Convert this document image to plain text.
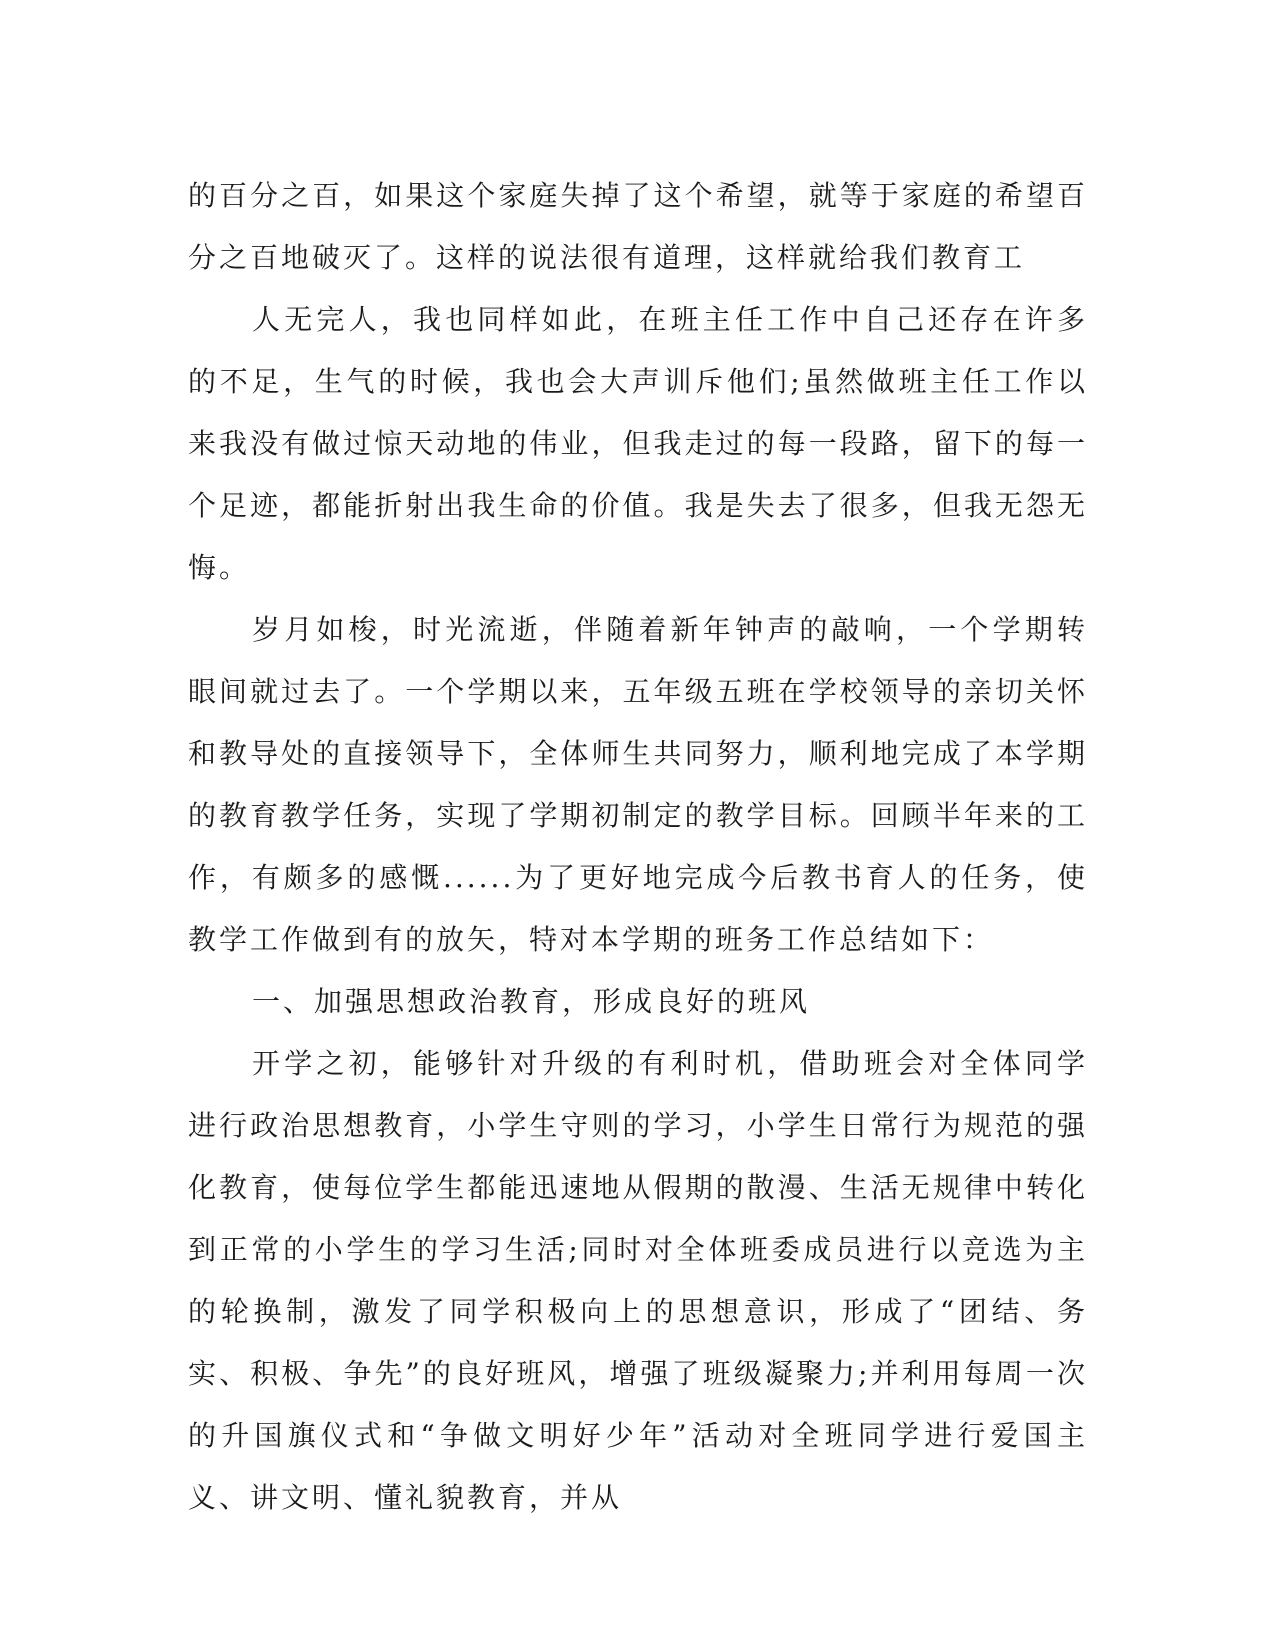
的百分之百，如果这个家庭失掉了这个希望，就等于家庭的希望百分之百地破灭了。这样的说法很有道理，这样就给我们教育工

人无完人，我也同样如此，在班主任工作中自己还存在许多的不足，生气的时候，我也会大声训斥他们;虽然做班主任工作以来我没有做过惊天动地的伟业，但我走过的每一段路，留下的每一个足迹，都能折射出我生命的价值。我是失去了很多，但我无怨无悔。

岁月如梭，时光流逝，伴随着新年钟声的敲响，一个学期转眼间就过去了。一个学期以来，五年级五班在学校领导的亲切关怀和教导处的直接领导下，全体师生共同努力，顺利地完成了本学期的教育教学任务，实现了学期初制定的教学目标。回顾半年来的工作，有颇多的感慨......为了更好地完成今后教书育人的任务，使教学工作做到有的放矢，特对本学期的班务工作总结如下：

一、加强思想政治教育，形成良好的班风

开学之初，能够针对升级的有利时机，借助班会对全体同学进行政治思想教育，小学生守则的学习，小学生日常行为规范的强化教育，使每位学生都能迅速地从假期的散漫、生活无规律中转化到正常的小学生的学习生活;同时对全体班委成员进行以竞选为主的轮换制，激发了同学积极向上的思想意识，形成了“团结、务实、积极、争先”的良好班风，增强了班级凝聚力;并利用每周一次的升国旗仪式和“争做文明好少年”活动对全班同学进行爱国主义、讲文明、懂礼貌教育，并从
